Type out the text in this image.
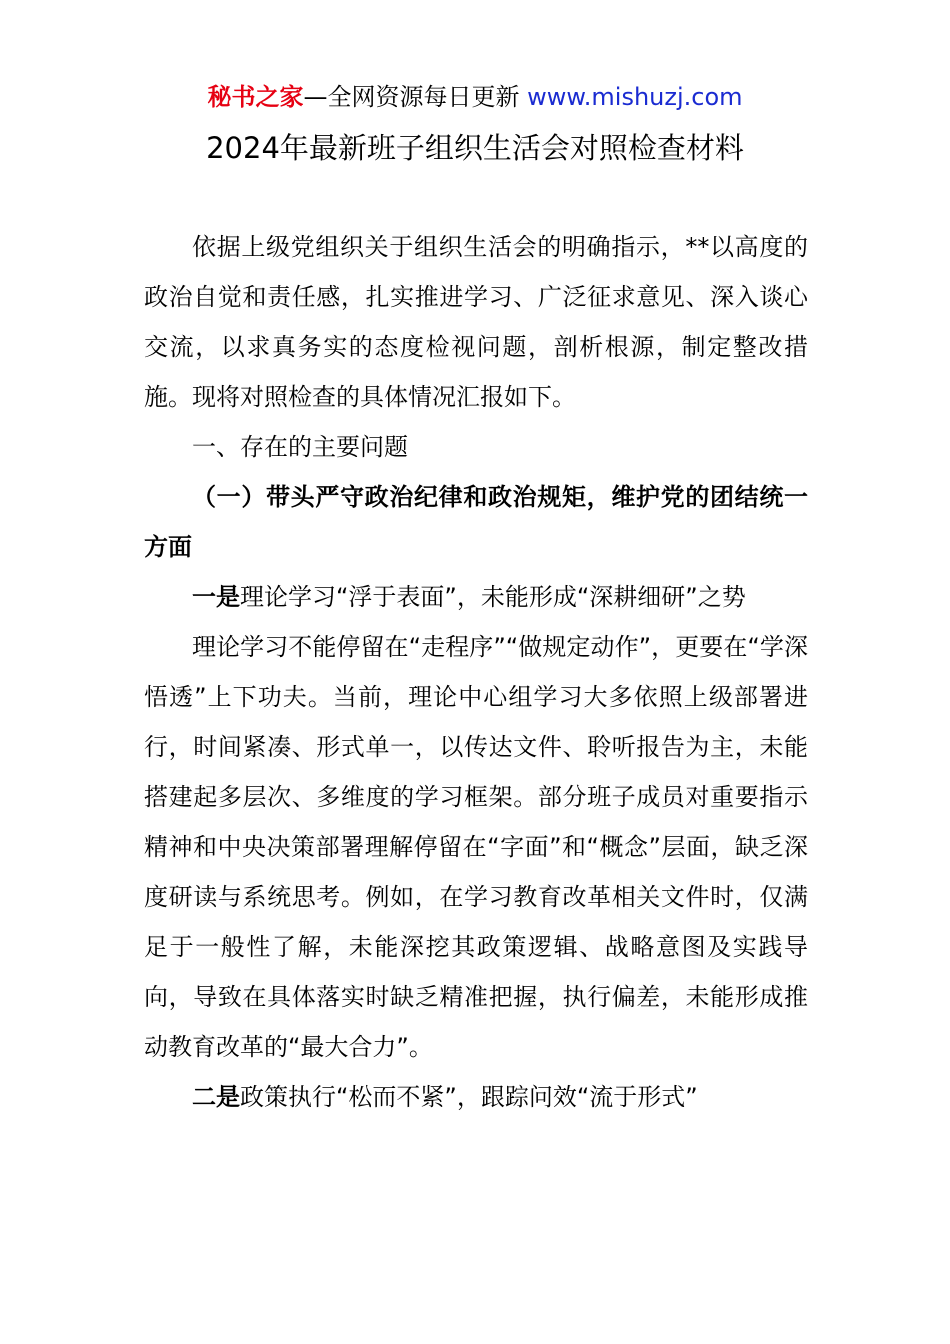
秘书之家—全网资源每日更新 www.mishuzj.com
2024年最新班子组织生活会对照检查材料

依据上级党组织关于组织生活会的明确指示，**以高度的政治自觉和责任感，扎实推进学习、广泛征求意见、深入谈心交流，以求真务实的态度检视问题，剖析根源，制定整改措施。现将对照检查的具体情况汇报如下。

一、存在的主要问题

（一）带头严守政治纪律和政治规矩，维护党的团结统一方面

一是理论学习“浮于表面”，未能形成“深耕细研”之势

理论学习不能停留在“走程序”“做规定动作”，更要在“学深悟透”上下功夫。当前，理论中心组学习大多依照上级部署进行，时间紧凑、形式单一，以传达文件、聆听报告为主，未能搭建起多层次、多维度的学习框架。部分班子成员对重要指示精神和中央决策部署理解停留在“字面”和“概念”层面，缺乏深度研读与系统思考。例如，在学习教育改革相关文件时，仅满足于一般性了解，未能深挖其政策逻辑、战略意图及实践导向，导致在具体落实时缺乏精准把握，执行偏差，未能形成推动教育改革的“最大合力”。

二是政策执行“松而不紧”，跟踪问效“流于形式”
